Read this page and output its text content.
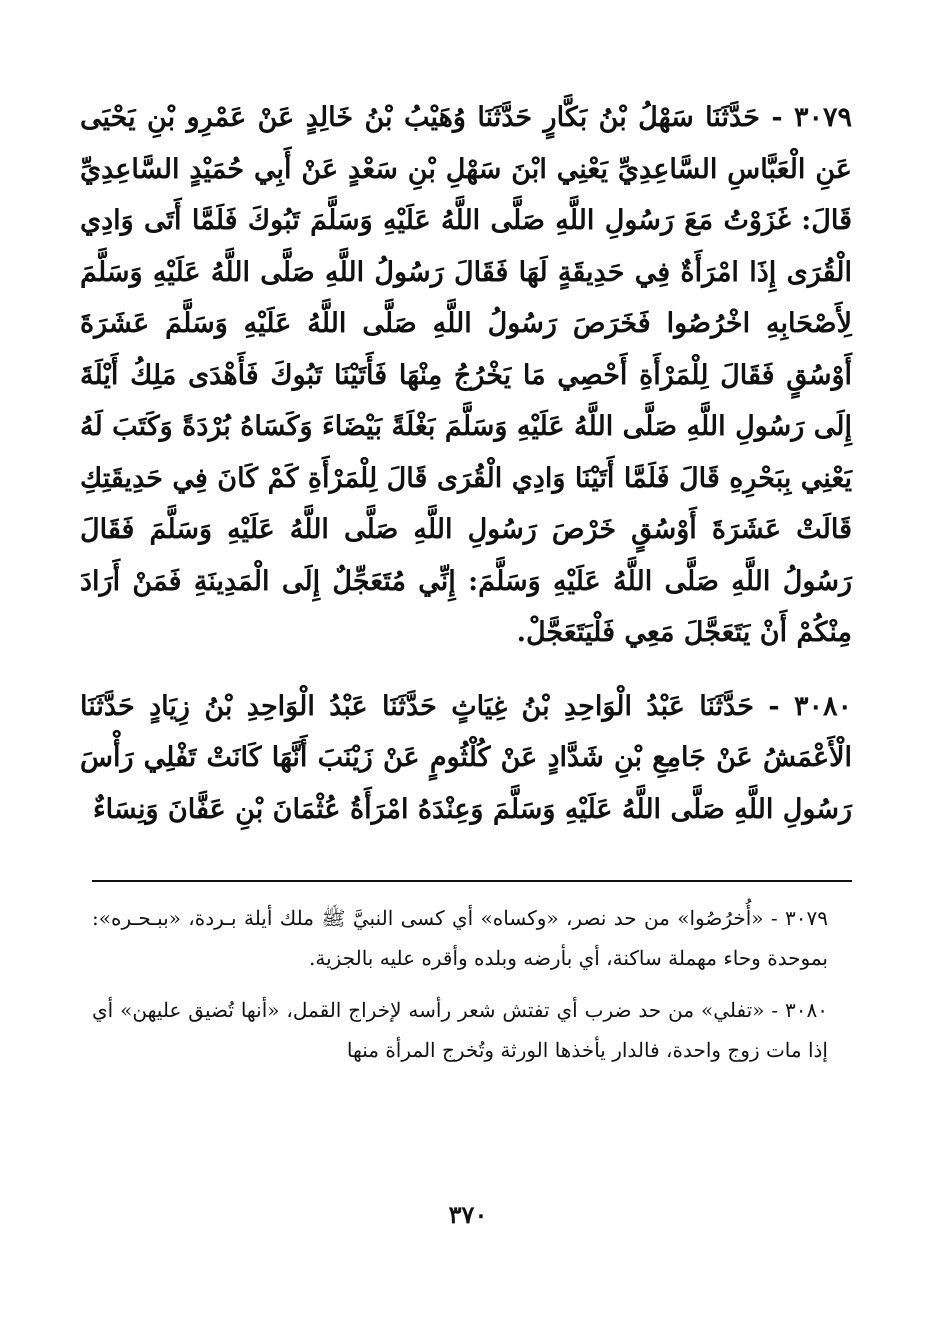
٣٠٧٩ - حَدَّثَنَا سَهْلُ بْنُ بَكَّارٍ حَدَّثَنَا وُهَيْبُ بْنُ خَالِدٍ عَنْ عَمْرِو بْنِ يَحْيَى عَنِ الْعَبَّاسِ السَّاعِدِيِّ يَعْنِي ابْنَ سَهْلِ بْنِ سَعْدٍ عَنْ أَبِي حُمَيْدٍ السَّاعِدِيِّ قَالَ: غَزَوْتُ مَعَ رَسُولِ اللَّهِ صَلَّى اللَّهُ عَلَيْهِ وَسَلَّمَ تَبُوكَ فَلَمَّا أَتَى وَادِي الْقُرَى إِذَا امْرَأَةٌ فِي حَدِيقَةٍ لَهَا فَقَالَ رَسُولُ اللَّهِ صَلَّى اللَّهُ عَلَيْهِ وَسَلَّمَ لِأَصْحَابِهِ اخْرُصُوا فَخَرَصَ رَسُولُ اللَّهِ صَلَّى اللَّهُ عَلَيْهِ وَسَلَّمَ عَشَرَةَ أَوْسُقٍ فَقَالَ لِلْمَرْأَةِ أَحْصِي مَا يَخْرُجُ مِنْهَا فَأَتَيْنَا تَبُوكَ فَأَهْدَى مَلِكُ أَيْلَةَ إِلَى رَسُولِ اللَّهِ صَلَّى اللَّهُ عَلَيْهِ وَسَلَّمَ بَغْلَةً بَيْضَاءَ وَكَسَاهُ بُرْدَةً وَكَتَبَ لَهُ يَعْنِي بِبَحْرِهِ قَالَ فَلَمَّا أَتَيْنَا وَادِي الْقُرَى قَالَ لِلْمَرْأَةِ كَمْ كَانَ فِي حَدِيقَتِكِ قَالَتْ عَشَرَةَ أَوْسُقٍ خَرْصَ رَسُولِ اللَّهِ صَلَّى اللَّهُ عَلَيْهِ وَسَلَّمَ فَقَالَ رَسُولُ اللَّهِ صَلَّى اللَّهُ عَلَيْهِ وَسَلَّمَ: إِنِّي مُتَعَجِّلٌ إِلَى الْمَدِينَةِ فَمَنْ أَرَادَ مِنْكُمْ أَنْ يَتَعَجَّلَ مَعِي فَلْيَتَعَجَّلْ.

٣٠٨٠ - حَدَّثَنَا عَبْدُ الْوَاحِدِ بْنُ غِيَاثٍ حَدَّثَنَا عَبْدُ الْوَاحِدِ بْنُ زِيَادٍ حَدَّثَنَا الْأَعْمَشُ عَنْ جَامِعِ بْنِ شَدَّادٍ عَنْ كُلْثُومٍ عَنْ زَيْنَبَ أَنَّهَا كَانَتْ تَفْلِي رَأْسَ رَسُولِ اللَّهِ صَلَّى اللَّهُ عَلَيْهِ وَسَلَّمَ وَعِنْدَهُ امْرَأَةُ عُثْمَانَ بْنِ عَفَّانَ وَنِسَاءٌ

٣٠٧٩ - «أُخرُصُوا» من حد نصر، «وكساه» أي كسى النبيَّ ﷺ ملك أيلة بـردة، «ببـحـره»: بموحدة وحاء مهملة ساكنة، أي بأرضه وبلده وأقره عليه بالجزية.

٣٠٨٠ - «تفلي» من حد ضرب أي تفتش شعر رأسه لإخراج القمل، «أنها تُضيق عليهن» أي إذا مات زوج واحدة، فالدار يأخذها الورثة وتُخرج المرأة منها

٣٧٠
